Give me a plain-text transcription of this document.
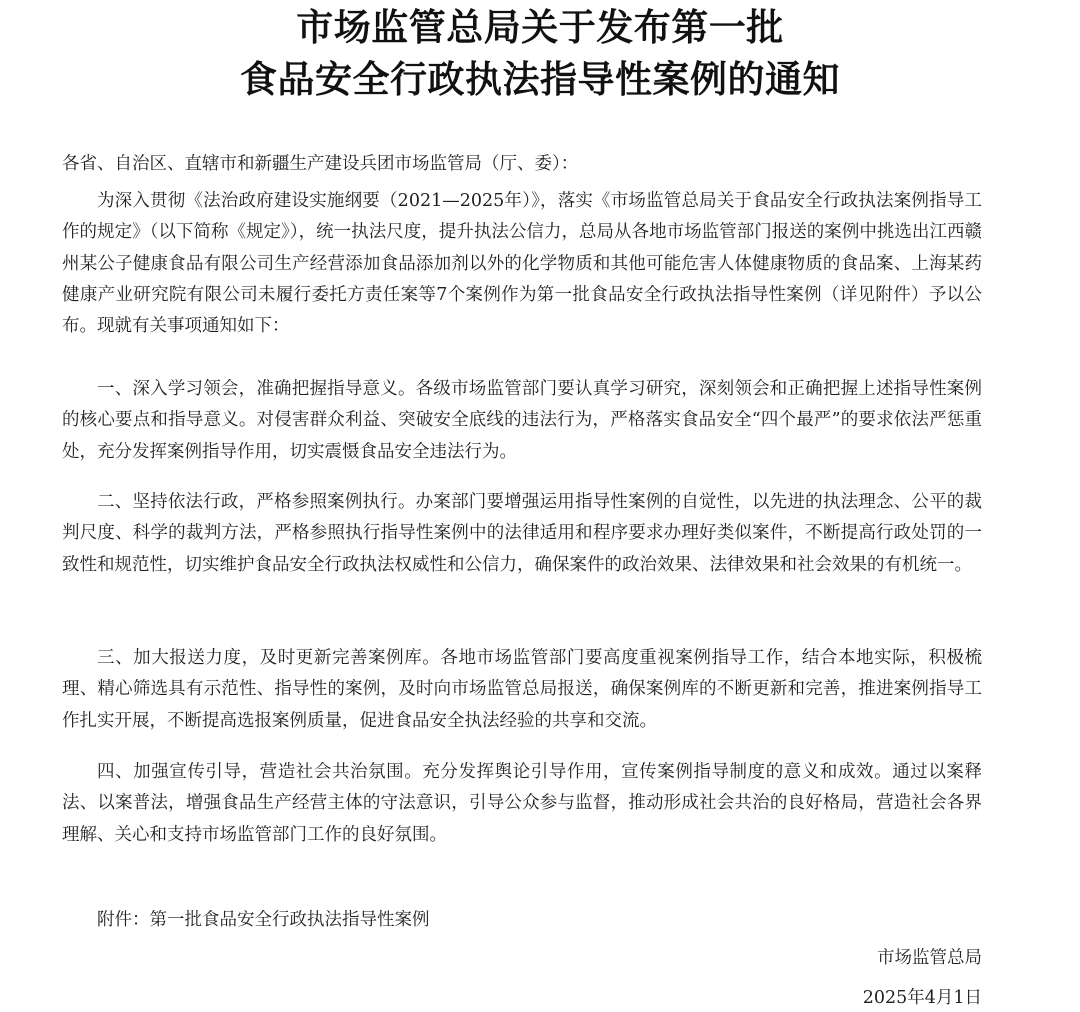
市场监管总局关于发布第一批
食品安全行政执法指导性案例的通知
各省、自治区、直辖市和新疆生产建设兵团市场监管局（厅、委）：

为深入贯彻《法治政府建设实施纲要（2021—2025年）》，落实《市场监管总局关于食品安全行政执法案例指导工作的规定》（以下简称《规定》），统一执法尺度，提升执法公信力，总局从各地市场监管部门报送的案例中挑选出江西赣州某公子健康食品有限公司生产经营添加食品添加剂以外的化学物质和其他可能危害人体健康物质的食品案、上海某药健康产业研究院有限公司未履行委托方责任案等7个案例作为第一批食品安全行政执法指导性案例（详见附件）予以公布。现就有关事项通知如下：

一、深入学习领会，准确把握指导意义。各级市场监管部门要认真学习研究，深刻领会和正确把握上述指导性案例的核心要点和指导意义。对侵害群众利益、突破安全底线的违法行为，严格落实食品安全“四个最严”的要求依法严惩重处，充分发挥案例指导作用，切实震慑食品安全违法行为。

二、坚持依法行政，严格参照案例执行。办案部门要增强运用指导性案例的自觉性，以先进的执法理念、公平的裁判尺度、科学的裁判方法，严格参照执行指导性案例中的法律适用和程序要求办理好类似案件，不断提高行政处罚的一致性和规范性，切实维护食品安全行政执法权威性和公信力，确保案件的政治效果、法律效果和社会效果的有机统一。

三、加大报送力度，及时更新完善案例库。各地市场监管部门要高度重视案例指导工作，结合本地实际，积极梳理、精心筛选具有示范性、指导性的案例，及时向市场监管总局报送，确保案例库的不断更新和完善，推进案例指导工作扎实开展，不断提高选报案例质量，促进食品安全执法经验的共享和交流。

四、加强宣传引导，营造社会共治氛围。充分发挥舆论引导作用，宣传案例指导制度的意义和成效。通过以案释法、以案普法，增强食品生产经营主体的守法意识，引导公众参与监督，推动形成社会共治的良好格局，营造社会各界理解、关心和支持市场监管部门工作的良好氛围。

附件：第一批食品安全行政执法指导性案例
市场监管总局
2025年4月1日
